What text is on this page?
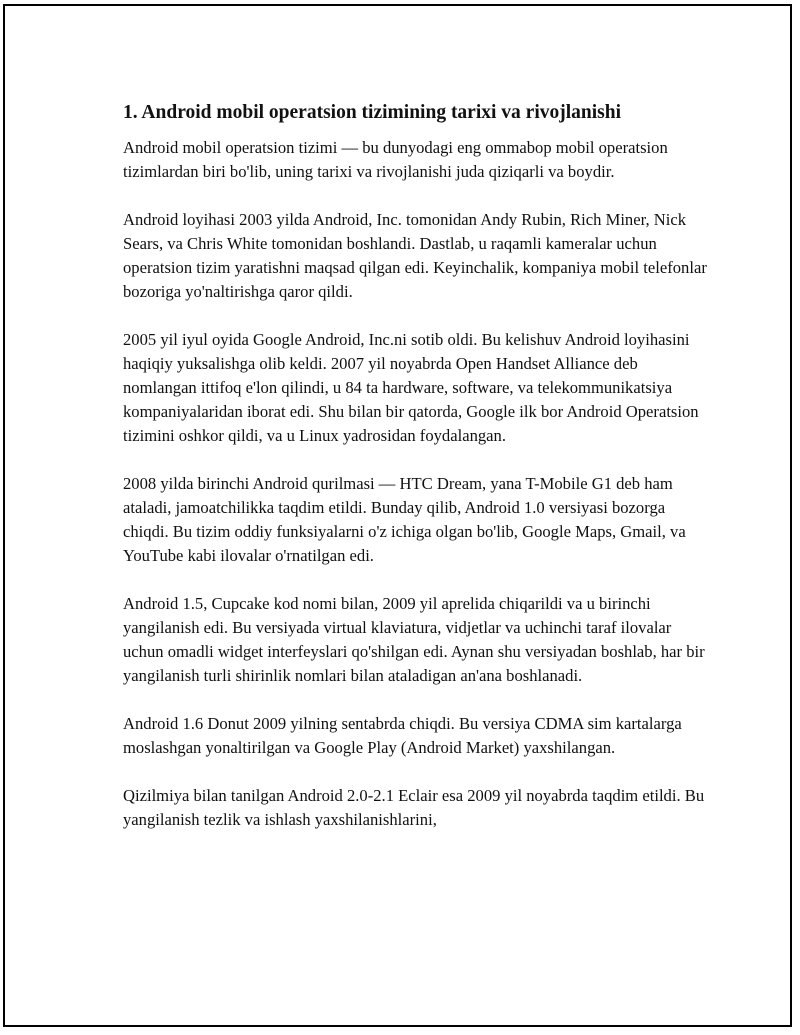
1. Android mobil operatsion tizimining tarixi va rivojlanishi

Android mobil operatsion tizimi — bu dunyodagi eng ommabop mobil operatsion tizimlardan biri bo'lib, uning tarixi va rivojlanishi juda qiziqarli va boydir.

Android loyihasi 2003 yilda Android, Inc. tomonidan Andy Rubin, Rich Miner, Nick Sears, va Chris White tomonidan boshlandi. Dastlab, u raqamli kameralar uchun operatsion tizim yaratishni maqsad qilgan edi. Keyinchalik, kompaniya mobil telefonlar bozoriga yo'naltirishga qaror qildi.

2005 yil iyul oyida Google Android, Inc.ni sotib oldi. Bu kelishuv Android loyihasini haqiqiy yuksalishga olib keldi. 2007 yil noyabrda Open Handset Alliance deb nomlangan ittifoq e'lon qilindi, u 84 ta hardware, software, va telekommunikatsiya kompaniyalaridan iborat edi. Shu bilan bir qatorda, Google ilk bor Android Operatsion tizimini oshkor qildi, va u Linux yadrosidan foydalangan.

2008 yilda birinchi Android qurilmasi — HTC Dream, yana T-Mobile G1 deb ham ataladi, jamoatchilikka taqdim etildi. Bunday qilib, Android 1.0 versiyasi bozorga chiqdi. Bu tizim oddiy funksiyalarni o'z ichiga olgan bo'lib, Google Maps, Gmail, va YouTube kabi ilovalar o'rnatilgan edi.

Android 1.5, Cupcake kod nomi bilan, 2009 yil aprelida chiqarildi va u birinchi yangilanish edi. Bu versiyada virtual klaviatura, vidjetlar va uchinchi taraf ilovalar uchun omadli widget interfeyslari qo'shilgan edi. Aynan shu versiyadan boshlab, har bir yangilanish turli shirinlik nomlari bilan ataladigan an'ana boshlanadi.

Android 1.6 Donut 2009 yilning sentabrda chiqdi. Bu versiya CDMA sim kartalarga moslashgan yonaltirilgan va Google Play (Android Market) yaxshilangan.

Qizilmiya bilan tanilgan Android 2.0-2.1 Eclair esa 2009 yil noyabrda taqdim etildi. Bu yangilanish tezlik va ishlash yaxshilanishlarini,
